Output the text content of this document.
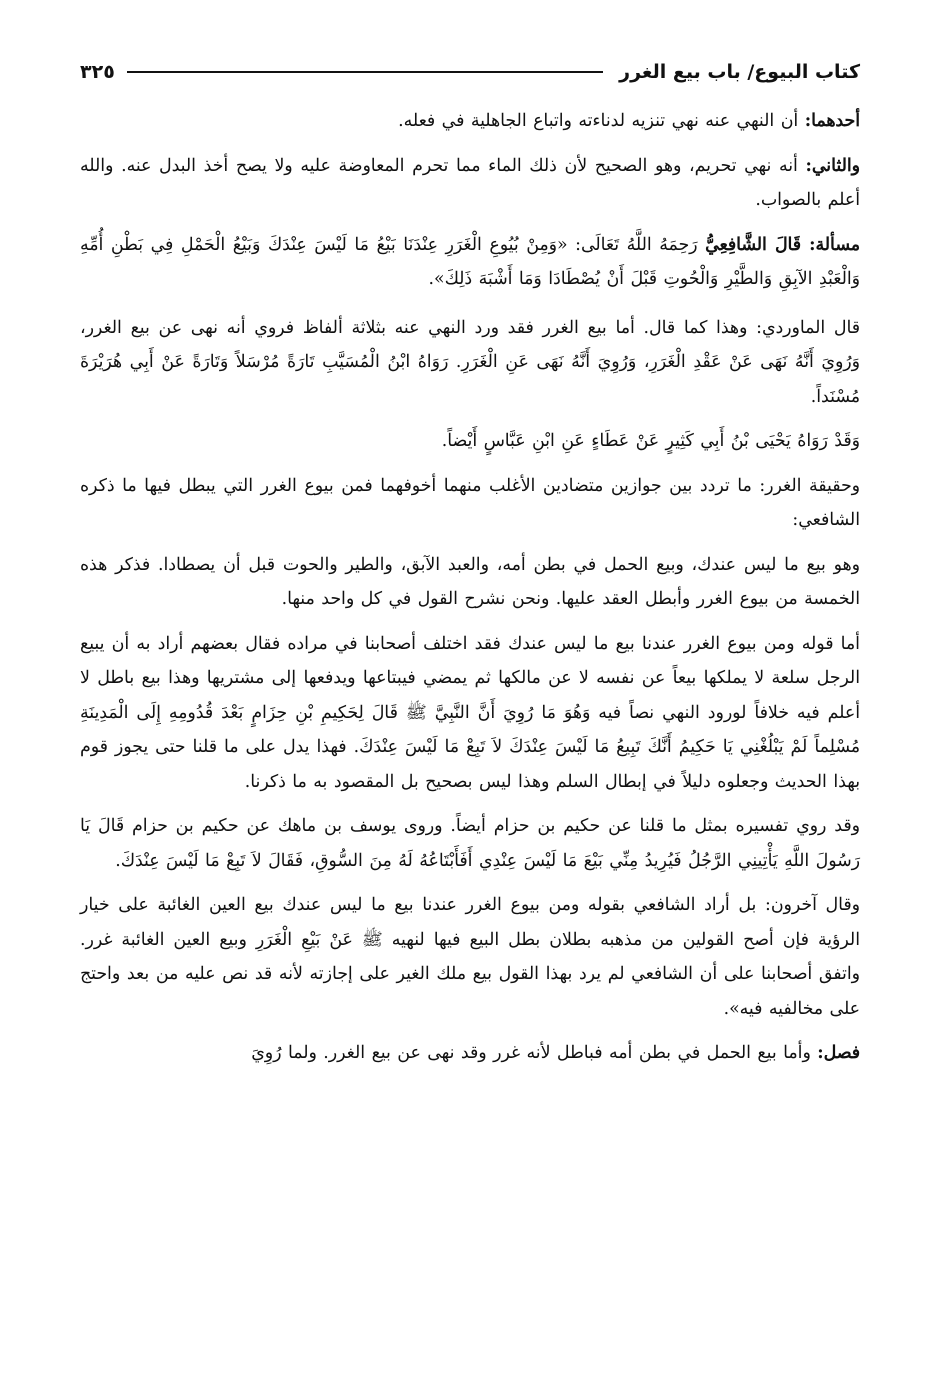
كتاب البيوع/ باب بيع الغرر
٣٢٥

أحدهما: أن النهي عنه نهي تنزيه لدناءته واتباع الجاهلية في فعله.

والثاني: أنه نهي تحريم، وهو الصحيح لأن ذلك الماء مما تحرم المعاوضة عليه ولا يصح أخذ البدل عنه. والله أعلم بالصواب.

مسألة: قَالَ الشَّافِعِيُّ رَحِمَهُ اللَّهُ تَعَالَى: «وَمِنْ بُيُوعِ الْغَرَرِ عِنْدَنَا بَيْعُ مَا لَيْسَ عِنْدَكَ وَبَيْعُ الْحَمْلِ فِي بَطْنِ أُمِّهِ وَالْعَبْدِ الآبِقِ وَالطَّيْرِ وَالْحُوتِ قَبْلَ أَنْ يُصْطَادَا وَمَا أَشْبَهَ ذَلِكَ».

قال الماوردي: وهذا كما قال. أما بيع الغرر فقد ورد النهي عنه بثلاثة ألفاظ فروي أنه نهى عن بيع الغرر، وَرُوِيَ أَنَّهُ نَهَى عَنْ عَقْدِ الْغَرَرِ، وَرُوِيَ أَنَّهُ نَهَى عَنِ الْغَرَرِ. رَوَاهُ ابْنُ الْمُسَيَّبِ تَارَةً مُرْسَلاً وَتَارَةً عَنْ أَبِي هُرَيْرَةَ مُسْنَداً.

وَقَدْ رَوَاهُ يَحْيَى بْنُ أَبِي كَثِيرٍ عَنْ عَطَاءٍ عَنِ ابْنِ عَبَّاسٍ أَيْضاً.

وحقيقة الغرر: ما تردد بين جوازين متضادين الأغلب منهما أخوفهما فمن بيوع الغرر التي يبطل فيها ما ذكره الشافعي:

وهو بيع ما ليس عندك، وبيع الحمل في بطن أمه، والعبد الآبق، والطير والحوت قبل أن يصطادا. فذكر هذه الخمسة من بيوع الغرر وأبطل العقد عليها. ونحن نشرح القول في كل واحد منها.

أما قوله ومن بيوع الغرر عندنا بيع ما ليس عندك فقد اختلف أصحابنا في مراده فقال بعضهم أراد به أن يبيع الرجل سلعة لا يملكها بيعاً عن نفسه لا عن مالكها ثم يمضي فيبتاعها ويدفعها إلى مشتريها وهذا بيع باطل لا أعلم فيه خلافاً لورود النهي نصاً فيه وَهُوَ مَا رُوِيَ أَنَّ النَّبِيَّ ﷺ قَالَ لِحَكِيمِ بْنِ حِزَامٍ بَعْدَ قُدُومِهِ إِلَى الْمَدِينَةِ مُسْلِماً لَمْ يَبْلُغْنِي يَا حَكِيمُ أَنَّكَ تَبِيعُ مَا لَيْسَ عِنْدَكَ لاَ تَبِعْ مَا لَيْسَ عِنْدَكَ. فهذا يدل على ما قلنا حتى يجوز قوم بهذا الحديث وجعلوه دليلاً في إبطال السلم وهذا ليس بصحيح بل المقصود به ما ذكرنا.

وقد روي تفسيره بمثل ما قلنا عن حكيم بن حزام أيضاً. وروى يوسف بن ماهك عن حكيم بن حزام قَالَ يَا رَسُولَ اللَّهِ يَأْتِينِي الرَّجُلُ فَيُرِيدُ مِنِّي بَيْعَ مَا لَيْسَ عِنْدِي أَفَأَبْتَاعُهُ لَهُ مِنَ السُّوقِ، فَقَالَ لاَ تَبِعْ مَا لَيْسَ عِنْدَكَ.

وقال آخرون: بل أراد الشافعي بقوله ومن بيوع الغرر عندنا بيع ما ليس عندك بيع العين الغائبة على خيار الرؤية فإن أصح القولين من مذهبه بطلان بطل البيع فيها لنهيه ﷺ عَنْ بَيْعِ الْغَرَرِ وبيع العين الغائبة غرر. واتفق أصحابنا على أن الشافعي لم يرد بهذا القول بيع ملك الغير على إجازته لأنه قد نص عليه من بعد واحتج على مخالفيه فيه».

فصل: وأما بيع الحمل في بطن أمه فباطل لأنه غرر وقد نهى عن بيع الغرر. ولما رُوِيَ
